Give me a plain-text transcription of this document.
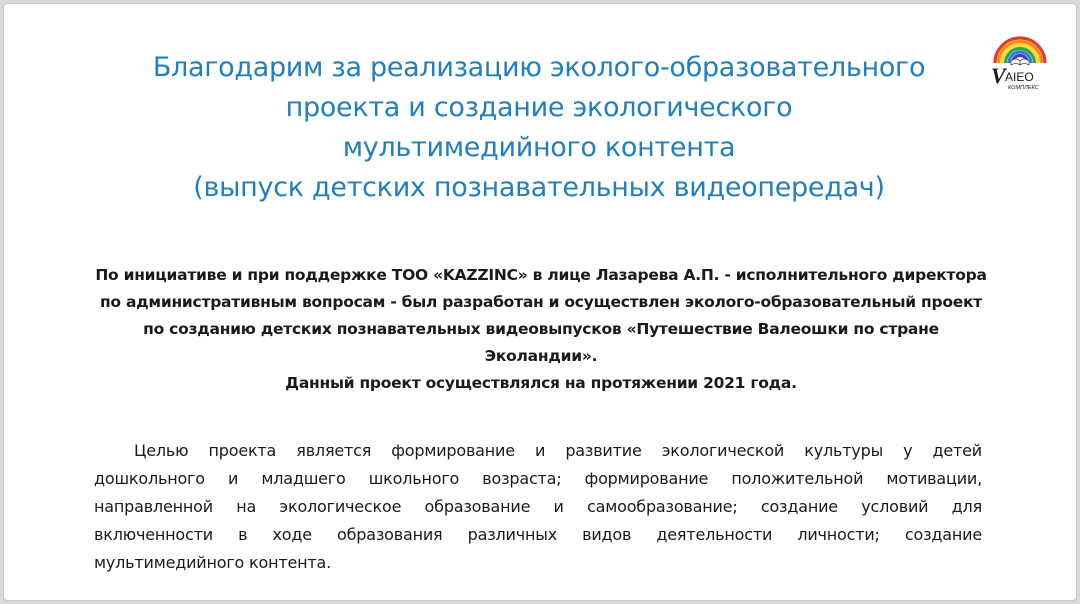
Благодарим за реализацию эколого-образовательного
проекта и создание экологического
мультимедийного контента
(выпуск детских познавательных видеопередач)
V AIEO
КОМПЛЕКС
По инициативе и при поддержке ТОО «KAZZINC» в лице Лазарева А.П. - исполнительного директора
по административным вопросам - был разработан и осуществлен эколого-образовательный проект
по созданию детских познавательных видеовыпусков «Путешествие Валеошки по стране
Эколандии».
Данный проект осуществлялся на протяжении 2021 года.
Целью проекта является формирование и развитие экологической культуры у детей
дошкольного и младшего школьного возраста; формирование положительной мотивации,
направленной на экологическое образование и самообразование; создание условий для
включенности в ходе образования различных видов деятельности личности; создание
мультимедийного контента.
